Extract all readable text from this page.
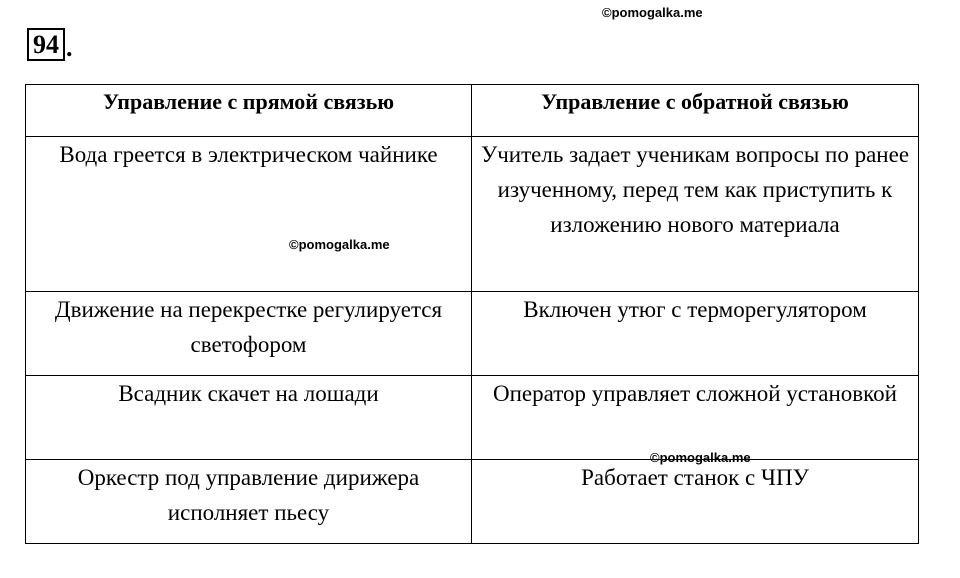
©pomogalka.me
94 .
Управление с прямой связью	Управление с обратной связью
Вода греется в электрическом чайнике	Учитель задает ученикам вопросы по ранее изученному, перед тем как приступить к изложению нового материала
Движение на перекрестке регулируется светофором	Включен утюг с терморегулятором
Всадник скачет на лошади	Оператор управляет сложной установкой
Оркестр под управление дирижера исполняет пьесу	Работает станок с ЧПУ
©pomogalka.me
©pomogalka.me
